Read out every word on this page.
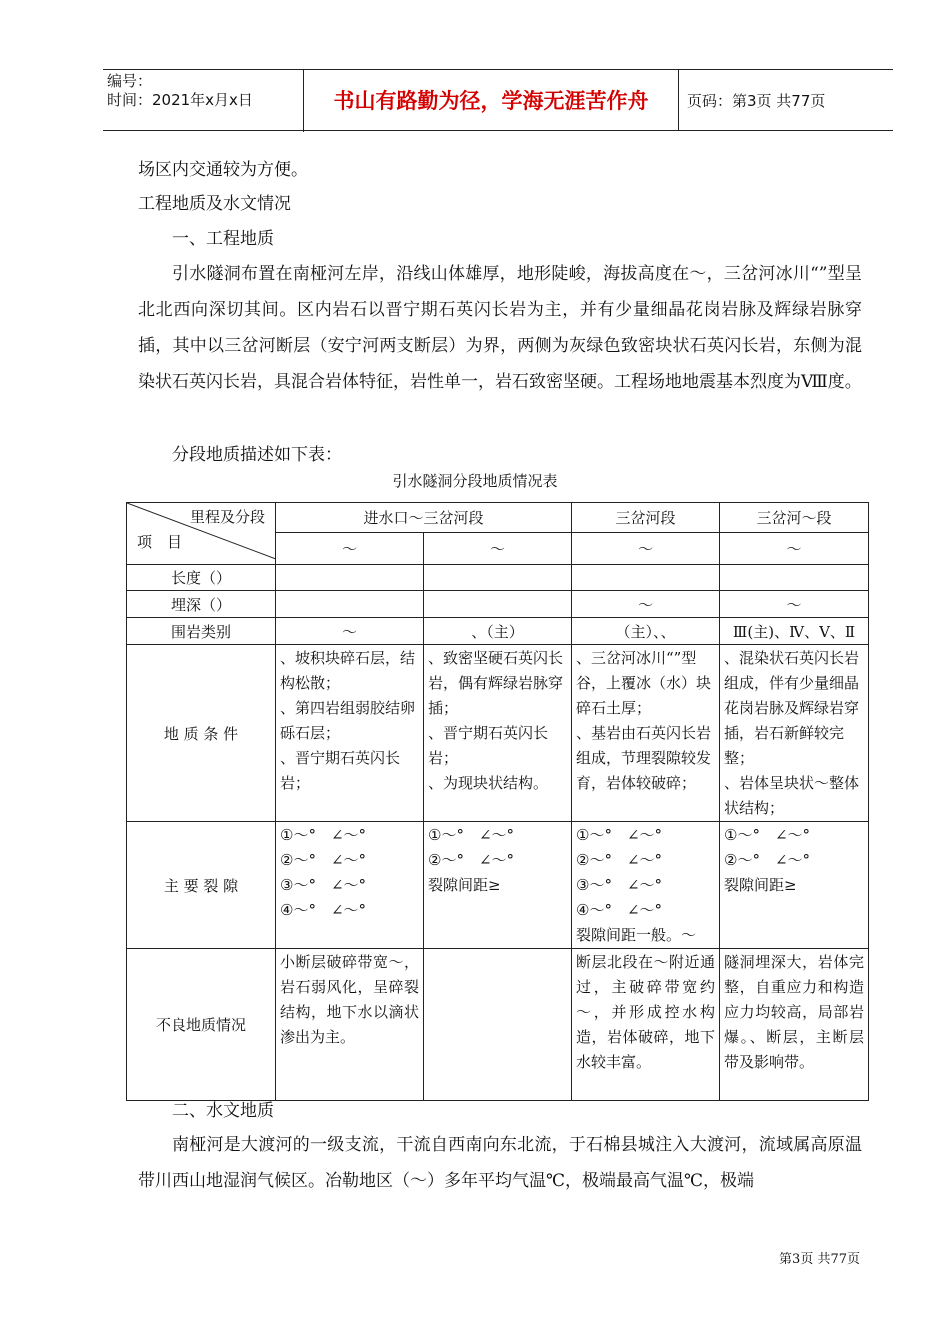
编号：
时间：2021年x月x日	书山有路勤为径，学海无涯苦作舟	页码：第3页 共77页
场区内交通较为方便。
工程地质及水文情况
一、工程地质
引水隧洞布置在南桠河左岸，沿线山体雄厚，地形陡峻，海拔高度在～，三岔河冰川“”型呈北北西向深切其间。区内岩石以晋宁期石英闪长岩为主，并有少量细晶花岗岩脉及辉绿岩脉穿插，其中以三岔河断层（安宁河两支断层）为界，两侧为灰绿色致密块状石英闪长岩，东侧为混染状石英闪长岩，具混合岩体特征，岩性单一，岩石致密坚硬。工程场地地震基本烈度为Ⅷ度。
分段地质描述如下表：
引水隧洞分段地质情况表
里程及分段
项　目	进水口～三岔河段		三岔河段	三岔河～段
	～	～	～	～
长度（）				
埋深（）			～	～
围岩类别	～	、（主）	（主）、、	Ⅲ(主)、Ⅳ、Ⅴ、Ⅱ
地 质 条 件	、坡积块碎石层，结构松散；
、第四岩组弱胶结卵砾石层；
、晋宁期石英闪长岩；	、致密坚硬石英闪长岩，偶有辉绿岩脉穿插；
、晋宁期石英闪长岩；
、为现块状结构。	、三岔河冰川“”型谷，上覆冰（水）块碎石土厚；
、基岩由石英闪长岩组成，节理裂隙较发育，岩体较破碎；	、混染状石英闪长岩组成，伴有少量细晶花岗岩脉及辉绿岩穿插，岩石新鲜较完整；
、岩体呈块状～整体状结构；
主 要 裂 隙	①～°　∠～°
②～°　∠～°
③～°　∠～°
④～°　∠～°	①～°　∠～°
②～°　∠～°
裂隙间距≥	①～°　∠～°
②～°　∠～°
③～°　∠～°
④～°　∠～°
裂隙间距一般。～	①～°　∠～°
②～°　∠～°
裂隙间距≥
不良地质情况	小断层破碎带宽～，岩石弱风化，呈碎裂结构，地下水以滴状渗出为主。		断层北段在～附近通过，主破碎带宽约～，并形成控水构造，岩体破碎，地下水较丰富。	隧洞埋深大，岩体完整，自重应力和构造应力均较高，局部岩爆。、断层，主断层带及影响带。
二、水文地质
南桠河是大渡河的一级支流，干流自西南向东北流，于石棉县城注入大渡河，流域属高原温带川西山地湿润气候区。冶勒地区（～）多年平均气温℃，极端最高气温℃，极端
第3页 共77页
